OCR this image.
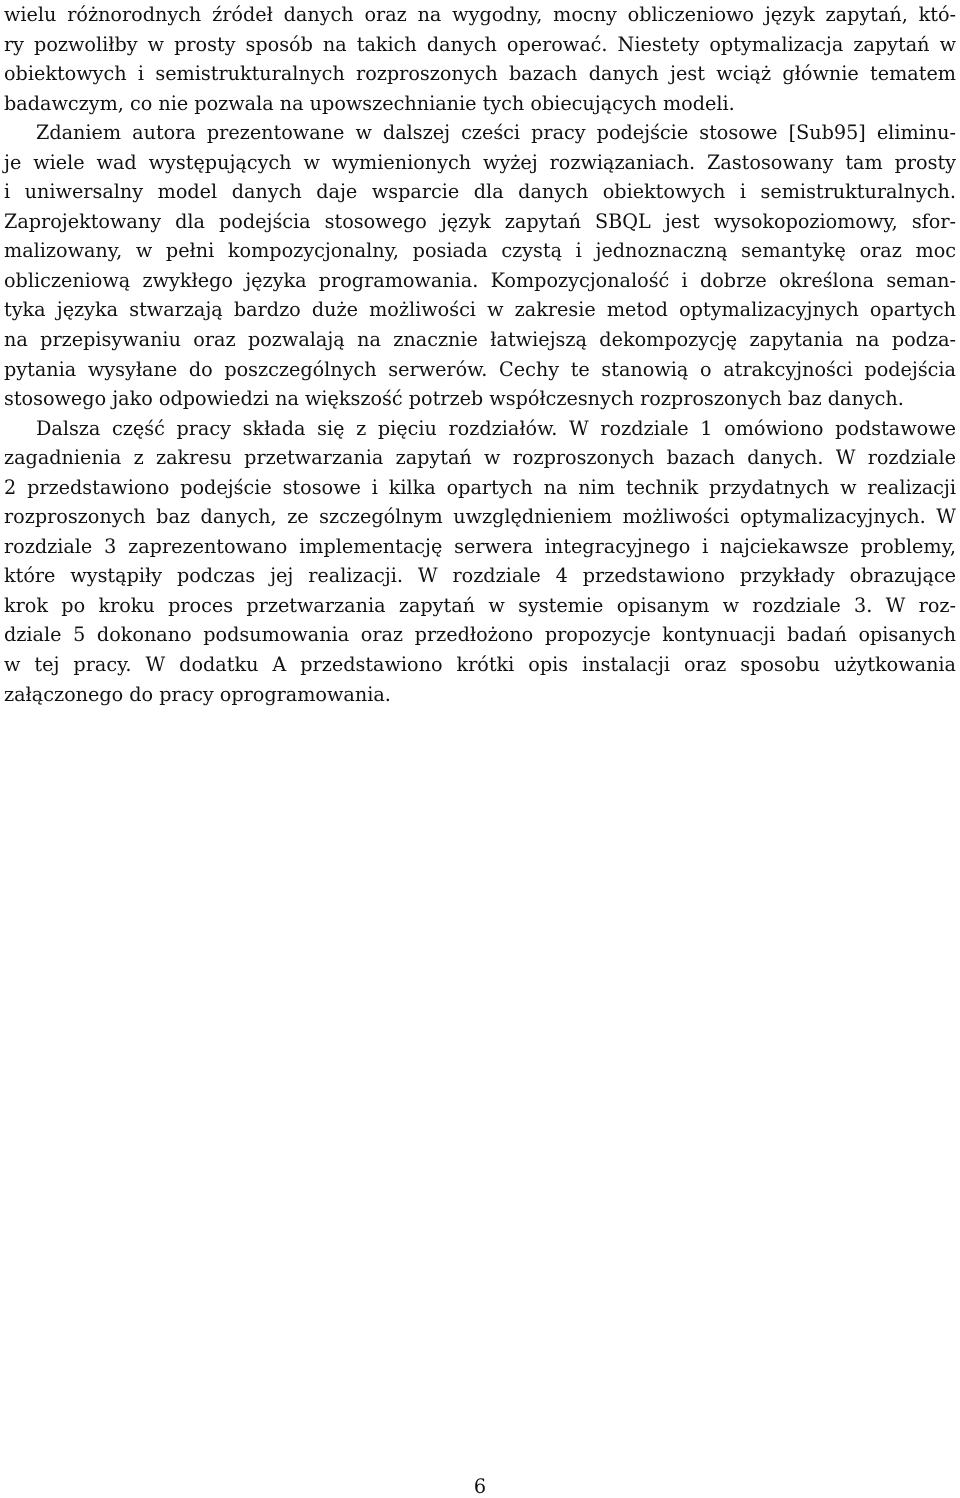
wielu różnorodnych źródeł danych oraz na wygodny, mocny obliczeniowo język zapytań, któ-
ry pozwoliłby w prosty sposób na takich danych operować. Niestety optymalizacja zapytań w
obiektowych i semistrukturalnych rozproszonych bazach danych jest wciąż głównie tematem
badawczym, co nie pozwala na upowszechnianie tych obiecujących modeli.
Zdaniem autora prezentowane w dalszej cześci pracy podejście stosowe [Sub95] eliminu-
je wiele wad występujących w wymienionych wyżej rozwiązaniach. Zastosowany tam prosty
i uniwersalny model danych daje wsparcie dla danych obiektowych i semistrukturalnych.
Zaprojektowany dla podejścia stosowego język zapytań SBQL jest wysokopoziomowy, sfor-
malizowany, w pełni kompozycjonalny, posiada czystą i jednoznaczną semantykę oraz moc
obliczeniową zwykłego języka programowania. Kompozycjonalość i dobrze określona seman-
tyka języka stwarzają bardzo duże możliwości w zakresie metod optymalizacyjnych opartych
na przepisywaniu oraz pozwalają na znacznie łatwiejszą dekompozycję zapytania na podza-
pytania wysyłane do poszczególnych serwerów. Cechy te stanowią o atrakcyjności podejścia
stosowego jako odpowiedzi na większość potrzeb współczesnych rozproszonych baz danych.
Dalsza część pracy składa się z pięciu rozdziałów. W rozdziale 1 omówiono podstawowe
zagadnienia z zakresu przetwarzania zapytań w rozproszonych bazach danych. W rozdziale
2 przedstawiono podejście stosowe i kilka opartych na nim technik przydatnych w realizacji
rozproszonych baz danych, ze szczególnym uwzględnieniem możliwości optymalizacyjnych. W
rozdziale 3 zaprezentowano implementację serwera integracyjnego i najciekawsze problemy,
które wystąpiły podczas jej realizacji. W rozdziale 4 przedstawiono przykłady obrazujące
krok po kroku proces przetwarzania zapytań w systemie opisanym w rozdziale 3. W roz-
dziale 5 dokonano podsumowania oraz przedłożono propozycje kontynuacji badań opisanych
w tej pracy. W dodatku A przedstawiono krótki opis instalacji oraz sposobu użytkowania
załączonego do pracy oprogramowania.
6
